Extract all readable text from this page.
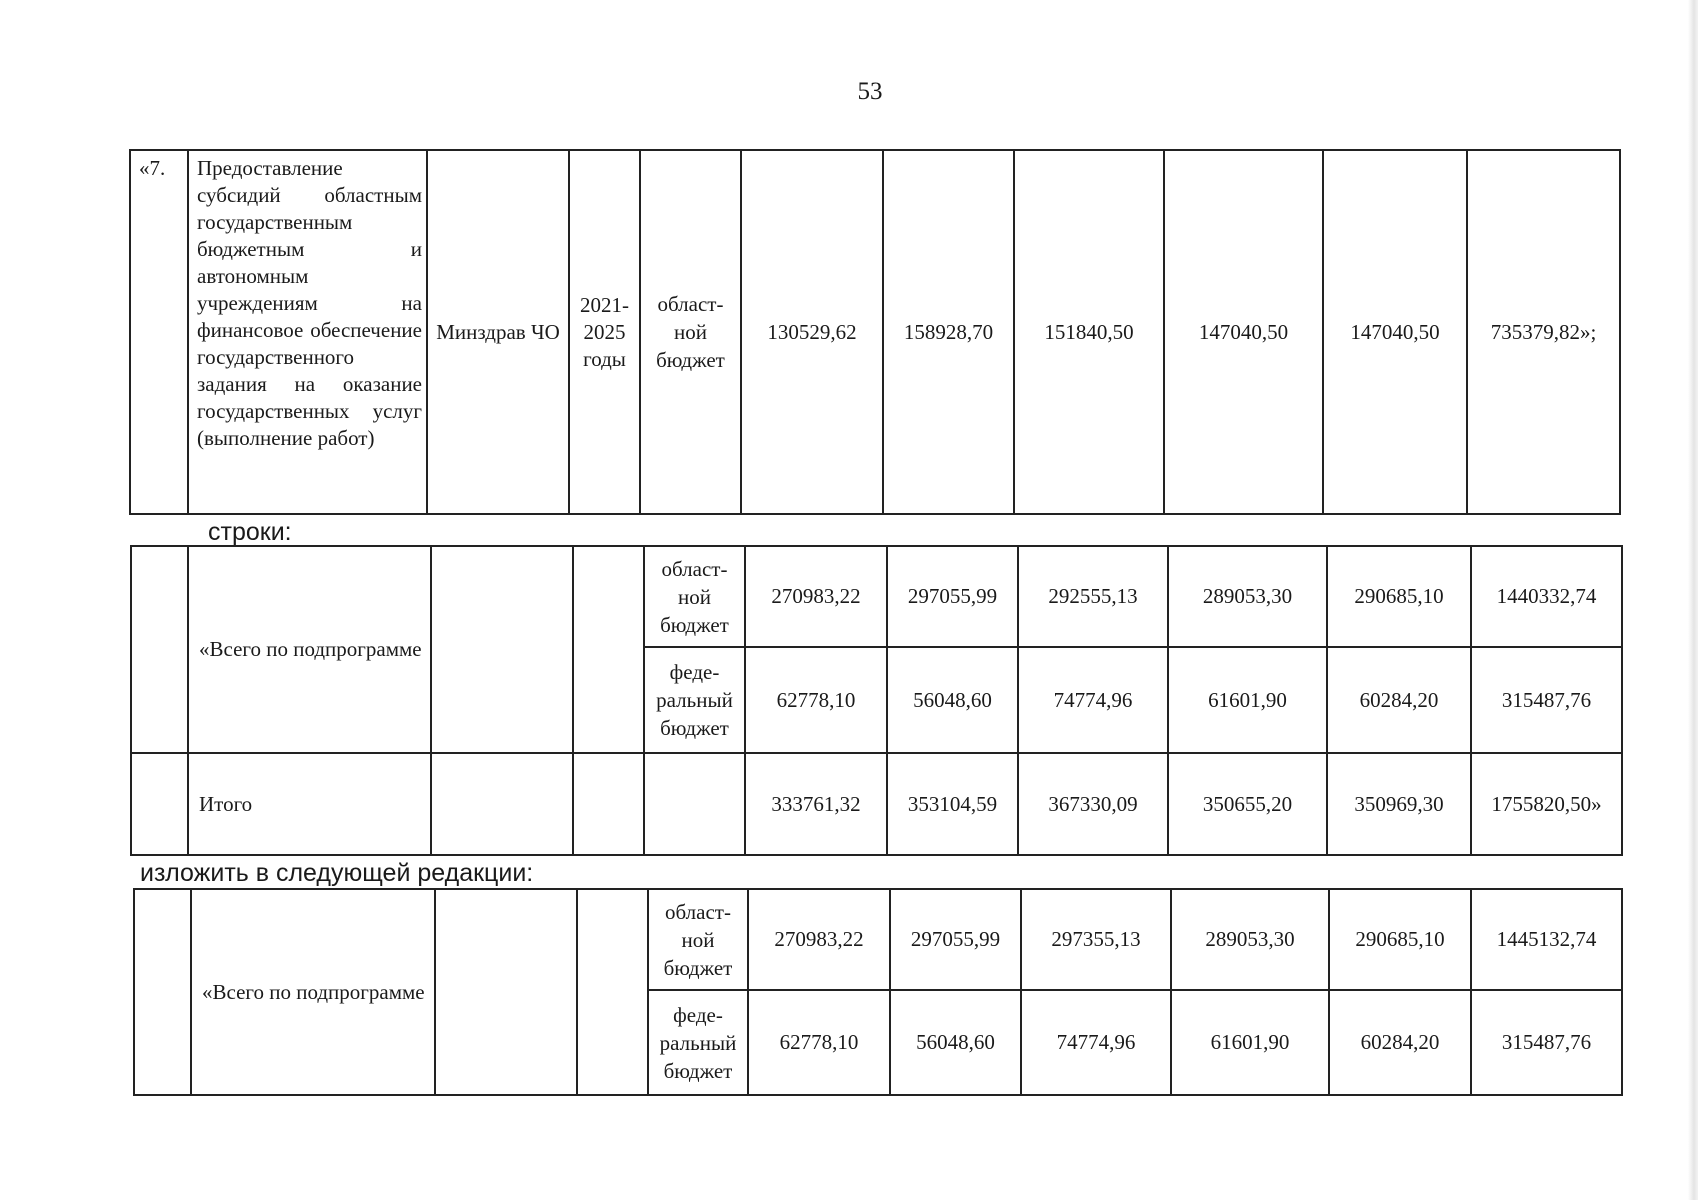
53
«7.	Предоставление субсидий областным государственным бюджетным и автономным учреждениям на финансовое обеспечение государственного задания на оказание государственных услуг (выполнение работ)	Минздрав ЧО	2021-2025 годы	област-ной бюджет	130529,62	158928,70	151840,50	147040,50	147040,50	735379,82»;
строки:
	«Всего по подпрограмме			област-ной бюджет	270983,22	297055,99	292555,13	289053,30	290685,10	1440332,74
				феде-ральный бюджет	62778,10	56048,60	74774,96	61601,90	60284,20	315487,76
	Итого				333761,32	353104,59	367330,09	350655,20	350969,30	1755820,50»
изложить в следующей редакции:
	«Всего по подпрограмме			област-ной бюджет	270983,22	297055,99	297355,13	289053,30	290685,10	1445132,74
				феде-ральный бюджет	62778,10	56048,60	74774,96	61601,90	60284,20	315487,76
